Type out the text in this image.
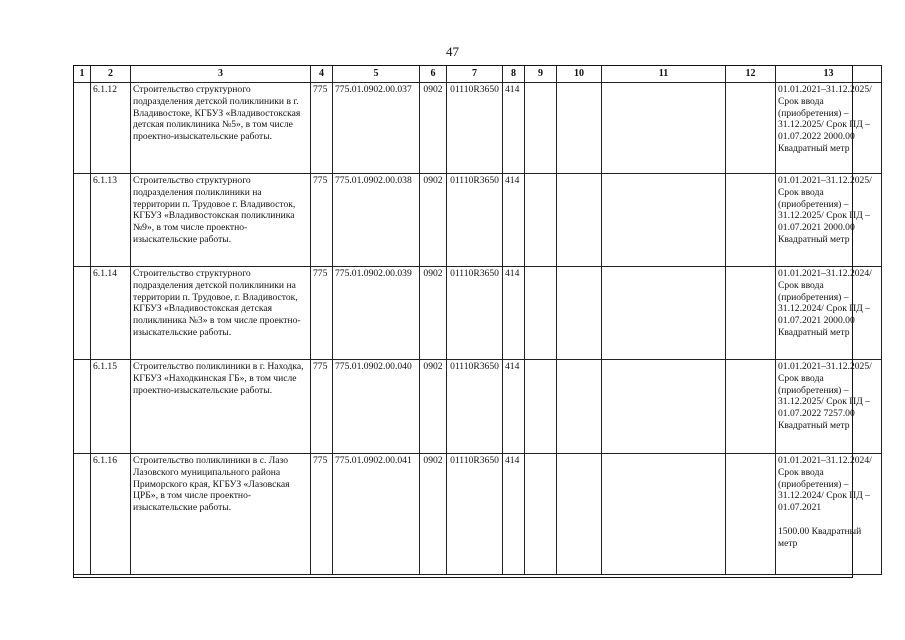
47
1	2	3	4	5	6	7	8	9	10	11	12	13
	6.1.12	Строительство структурного подразделения детской поликлиники в г. Владивостоке, КГБУЗ «Владивостокская детская поликлиника №5», в том числе проектно-изыскательские работы.	775	775.01.0902.00.037	0902	01110R3650	414					01.01.2021–31.12.2025/ Срок ввода (приобретения) – 31.12.2025/ Срок ПД – 01.07.2022 2000.00 Квадратный метр
	6.1.13	Строительство структурного подразделения поликлиники на территории п. Трудовое г. Владивосток, КГБУЗ «Владивостокская поликлиника №9», в том числе проектно-изыскательские работы.	775	775.01.0902.00.038	0902	01110R3650	414					01.01.2021–31.12.2025/ Срок ввода (приобретения) – 31.12.2025/ Срок ПД – 01.07.2021 2000.00 Квадратный метр
	6.1.14	Строительство структурного подразделения детской поликлиники на территории п. Трудовое, г. Владивосток, КГБУЗ «Владивостокская детская поликлиника №3» в том числе проектно-изыскательские работы.	775	775.01.0902.00.039	0902	01110R3650	414					01.01.2021–31.12.2024/ Срок ввода (приобретения) – 31.12.2024/ Срок ПД – 01.07.2021 2000.00 Квадратный метр
	6.1.15	Строительство поликлиники в г. Находка, КГБУЗ «Находкинская ГБ», в том числе проектно-изыскательские работы.	775	775.01.0902.00.040	0902	01110R3650	414					01.01.2021–31.12.2025/ Срок ввода (приобретения) – 31.12.2025/ Срок ПД – 01.07.2022 7257.00 Квадратный метр
	6.1.16	Строительство поликлиники в с. Лазо Лазовского муниципального района Приморского края, КГБУЗ «Лазовская ЦРБ», в том числе проектно-изыскательские работы.	775	775.01.0902.00.041	0902	01110R3650	414					01.01.2021–31.12.2024/ Срок ввода (приобретения) – 31.12.2024/ Срок ПД – 01.07.2021

1500.00 Квадратный метр
